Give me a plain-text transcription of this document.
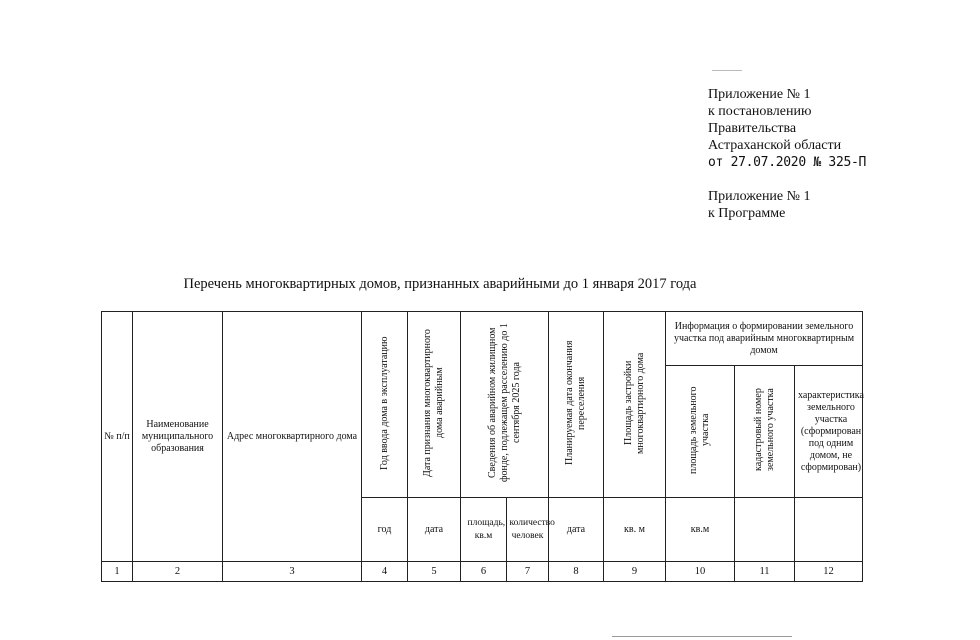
Приложение № 1
к постановлению
Правительства
Астраханской области
от 27.07.2020 № 325-П
Приложение № 1
к Программе
Перечень многоквартирных домов, признанных аварийными до 1 января 2017 года
№ п/п	Наименование муниципального образования	Адрес многоквартирного дома	Год ввода дома в эксплуатацию	Дата признания многоквартирного дома аварийным	Сведения об аварийном жилищном фонде, подлежащем расселению до 1 сентября 2025 года		Планируемая дата окончания переселения	Площадь застройки многоквартирного дома	Информация о формировании земельного участка под аварийным многоквартирным домом		
									площадь земельного участка	кадастровый номер земельного участка	характеристика земельного участка (сформирован под одним домом, не сформирован)
			год	дата	площадь, кв.м	количество человек	дата	кв. м	кв.м		
1	2	3	4	5	6	7	8	9	10	11	12
